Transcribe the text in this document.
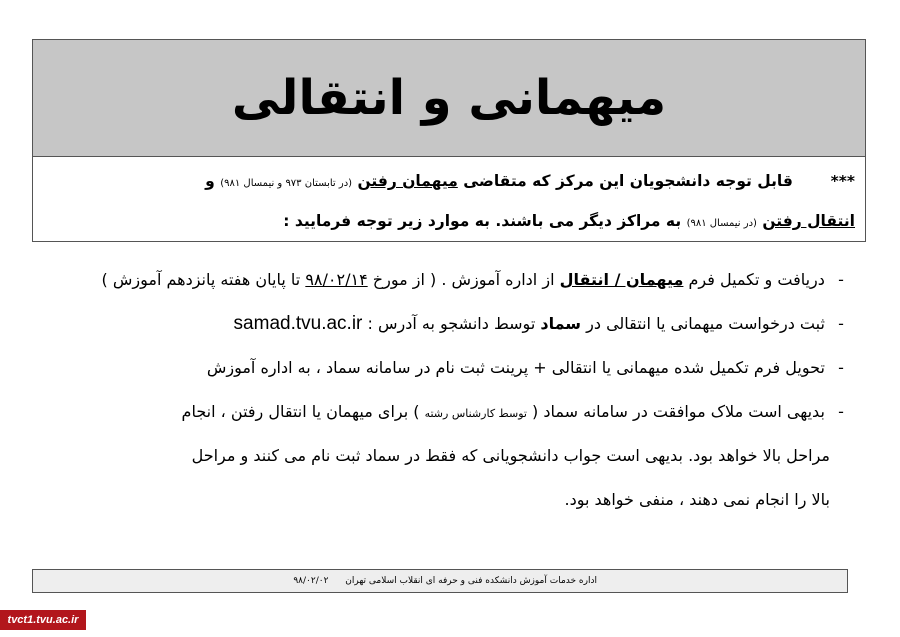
میهمانی و انتقالی
***       قابل توجه دانشجویان این مرکز که متقاضی میهمان رفتن (در تابستان ۹۷۳ و نیمسال ۹۸۱) و
انتقال رفتن (در نیمسال ۹۸۱) به مراکز دیگر می باشند. به موارد زیر توجه فرمایید :
- دریافت و تکمیل فرم میهمان / انتقال از اداره آموزش . ( از مورخ ۹۸/۰۲/۱۴ تا پایان هفته پانزدهم آموزش )
- ثبت درخواست میهمانی یا انتقالی در سماد توسط دانشجو به آدرس : samad.tvu.ac.ir
- تحویل فرم تکمیل شده میهمانی یا انتقالی + پرینت ثبت نام در سامانه سماد ، به اداره آموزش
- بدیهی است ملاک موافقت در سامانه سماد ( توسط کارشناس رشته ) برای میهمان یا انتقال رفتن ، انجام
مراحل بالا خواهد بود. بدیهی است جواب دانشجویانی که فقط در سماد ثبت نام می کنند و مراحل
بالا را انجام نمی دهند ، منفی خواهد بود.
اداره خدمات آموزش دانشکده فنی و حرفه ای انقلاب اسلامی تهران ۹۸/۰۲/۰۲
tvct1.tvu.ac.ir
